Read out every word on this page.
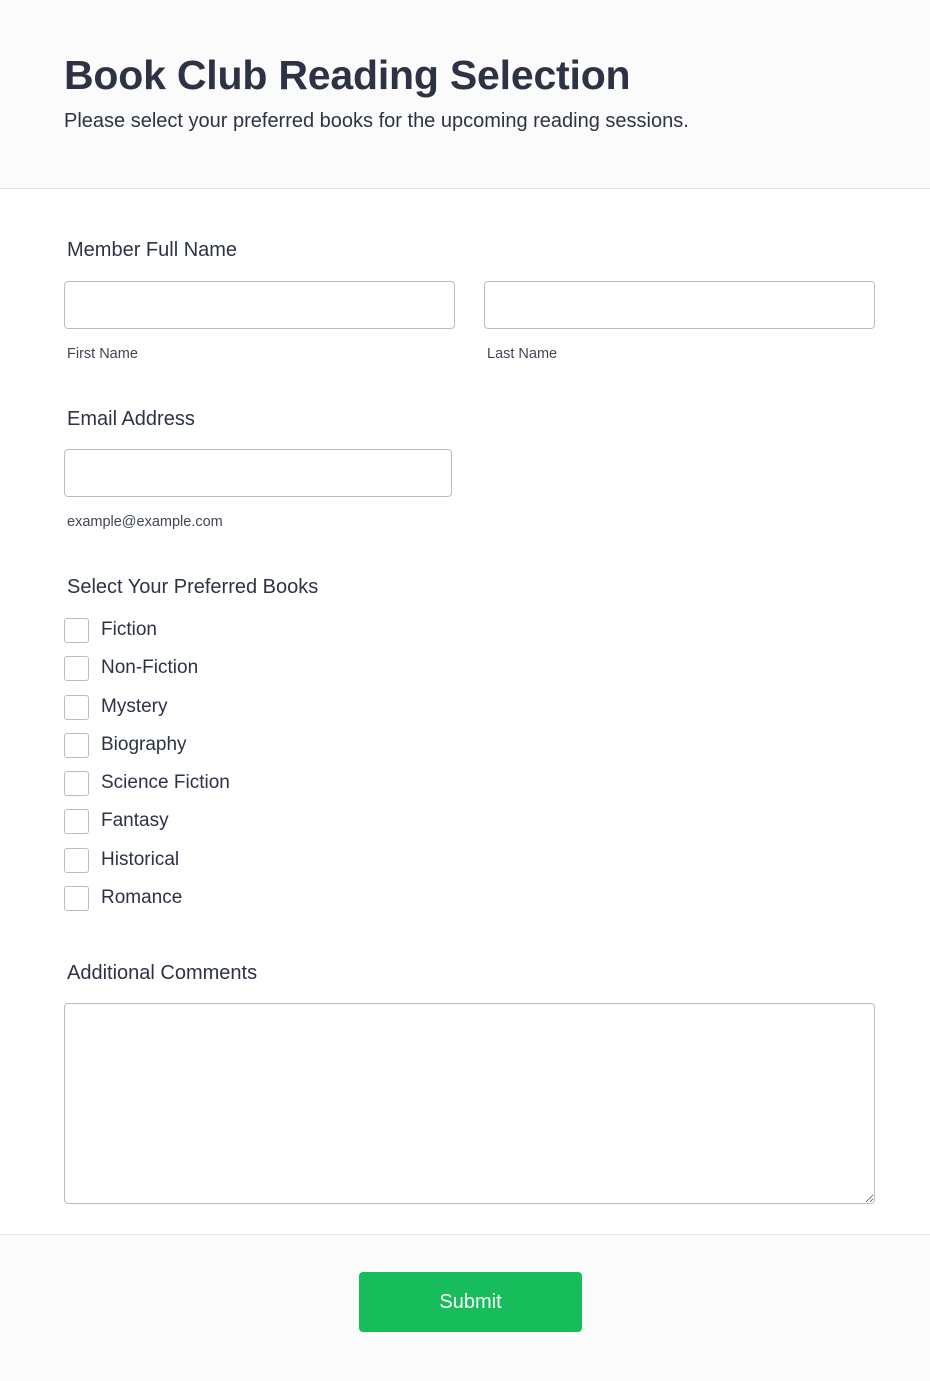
Book Club Reading Selection
Please select your preferred books for the upcoming reading sessions.
Member Full Name
First Name	Last Name
Email Address
example@example.com
Select Your Preferred Books
Fiction
Non-Fiction
Mystery
Biography
Science Fiction
Fantasy
Historical
Romance
Additional Comments
Submit
